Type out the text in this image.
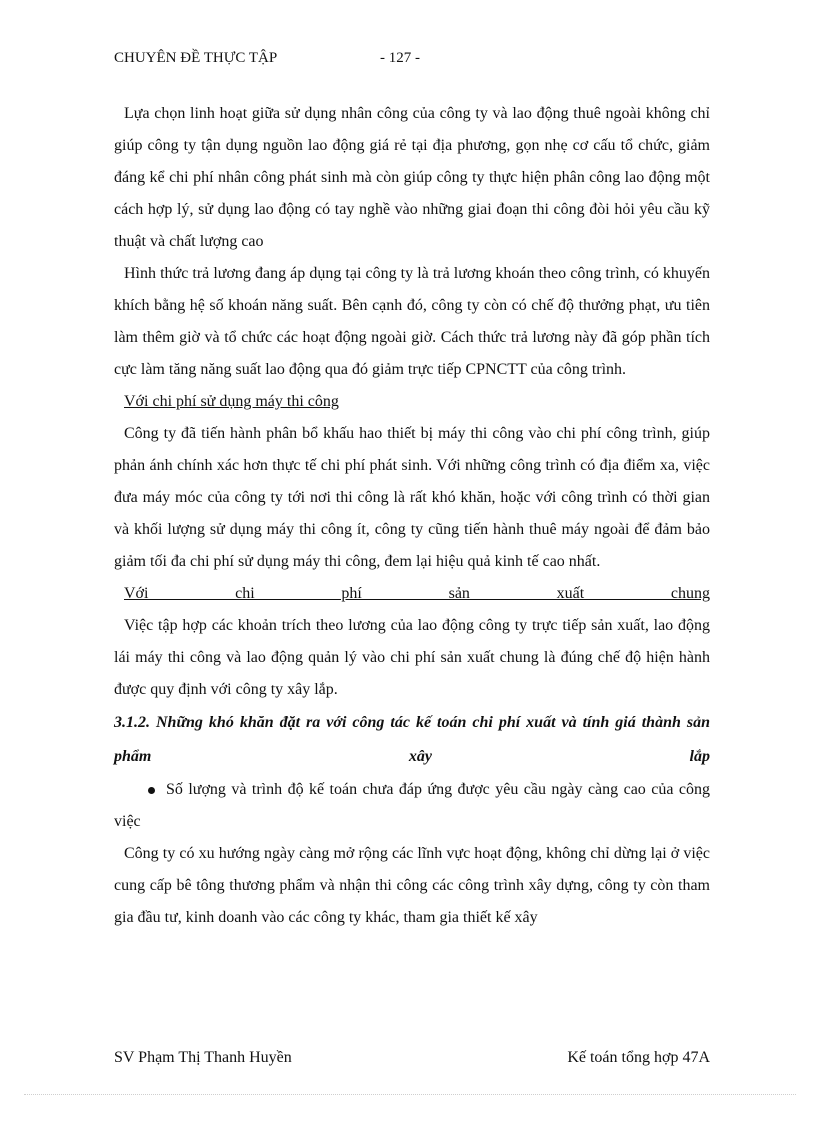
CHUYÊN ĐỀ THỰC TẬP	- 127 -

Lựa chọn linh hoạt giữa sử dụng nhân công của công ty và lao động thuê ngoài không chỉ giúp công ty tận dụng nguồn lao động giá rẻ tại địa phương, gọn nhẹ cơ cấu tổ chức, giảm đáng kể chi phí nhân công phát sinh mà còn giúp công ty thực hiện phân công lao động một cách hợp lý, sử dụng lao động có tay nghề vào những giai đoạn thi công đòi hỏi yêu cầu kỹ thuật và chất lượng cao

Hình thức trả lương đang áp dụng tại công ty là trả lương khoán theo công trình, có khuyến khích bằng hệ số khoán năng suất. Bên cạnh đó, công ty còn có chế độ thưởng phạt, ưu tiên làm thêm giờ và tổ chức các hoạt động ngoài giờ. Cách thức trả lương này đã góp phần tích cực làm tăng năng suất lao động qua đó giảm trực tiếp CPNCTT của công trình.

Với chi phí sử dụng máy thi công

Công ty đã tiến hành phân bổ khấu hao thiết bị máy thi công vào chi phí công trình, giúp phản ánh chính xác hơn thực tế chi phí phát sinh. Với những công trình có địa điểm xa, việc đưa máy móc của công ty tới nơi thi công là rất khó khăn, hoặc với công trình có thời gian và khối lượng sử dụng máy thi công ít, công ty cũng tiến hành thuê máy ngoài để đảm bảo giảm tối đa chi phí sử dụng máy thi công, đem lại hiệu quả kinh tế cao nhất.

Với chi phí sản xuất chung

Việc tập hợp các khoản trích theo lương của lao động công ty trực tiếp sản xuất, lao động lái máy thi công và lao động quản lý vào chi phí sản xuất chung là đúng chế độ hiện hành được quy định với công ty xây lắp.

3.1.2. Những khó khăn đặt ra với công tác kế toán chi phí xuất và tính giá thành sản phẩm xây lắp

Số lượng và trình độ kế toán chưa đáp ứng được yêu cầu ngày càng cao của công việc

Công ty có xu hướng ngày càng mở rộng các lĩnh vực hoạt động, không chỉ dừng lại ở việc cung cấp bê tông thương phẩm và nhận thi công các công trình xây dựng, công ty còn tham gia đầu tư, kinh doanh vào các công ty khác, tham gia thiết kế xây

SV Phạm Thị Thanh Huyền	Kế toán tổng hợp 47A
